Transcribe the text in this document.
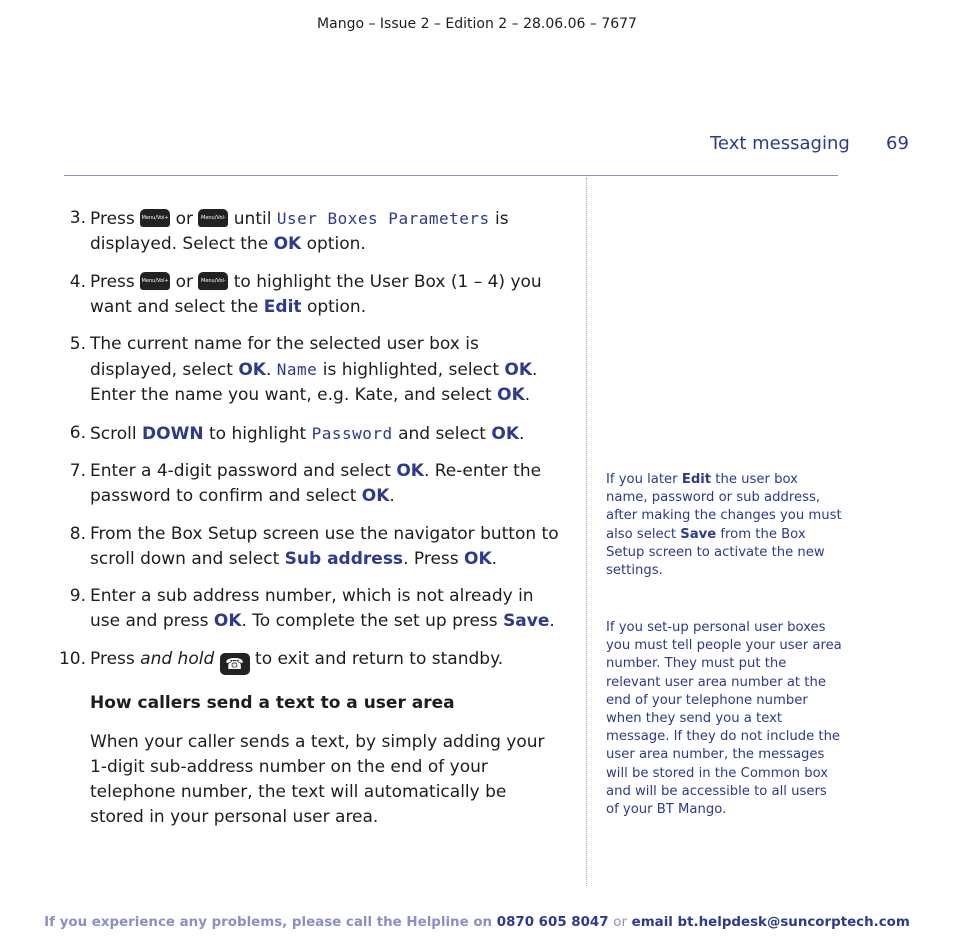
Mango – Issue 2 – Edition 2 – 28.06.06 – 7677
Text messaging 69
3. Press Menu/Vol+ or Menu/Vol- until User Boxes Parameters is displayed. Select the OK option.
4. Press Menu/Vol+ or Menu/Vol- to highlight the User Box (1 – 4) you want and select the Edit option.
5. The current name for the selected user box is displayed, select OK. Name is highlighted, select OK. Enter the name you want, e.g. Kate, and select OK.
6. Scroll DOWN to highlight Password and select OK.
7. Enter a 4-digit password and select OK. Re-enter the password to confirm and select OK.
8. From the Box Setup screen use the navigator button to scroll down and select Sub address. Press OK.
9. Enter a sub address number, which is not already in use and press OK. To complete the set up press Save.
10. Press and hold ☎ to exit and return to standby.
How callers send a text to a user area

When your caller sends a text, by simply adding your 1-digit sub-address number on the end of your telephone number, the text will automatically be stored in your personal user area.

If you later Edit the user box name, password or sub address, after making the changes you must also select Save from the Box Setup screen to activate the new settings.

If you set-up personal user boxes you must tell people your user area number. They must put the relevant user area number at the end of your telephone number when they send you a text message. If they do not include the user area number, the messages will be stored in the Common box and will be accessible to all users of your BT Mango.

If you experience any problems, please call the Helpline on 0870 605 8047 or email bt.helpdesk@suncorptech.com
